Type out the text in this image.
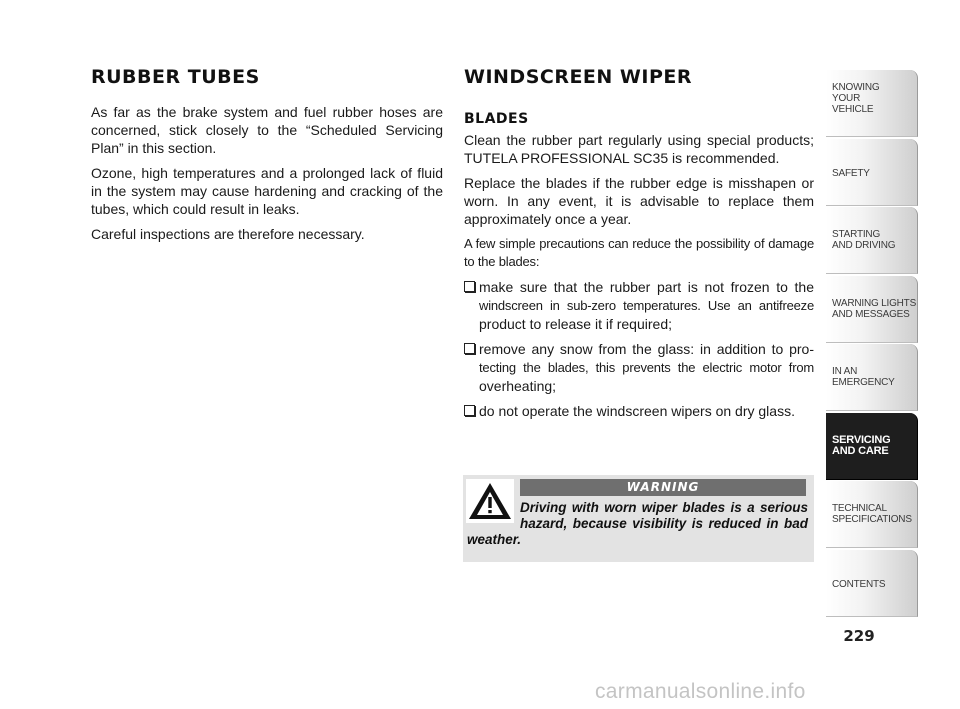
RUBBER TUBES

As far as the brake system and fuel rubber hoses are concerned, stick closely to the “Scheduled Servicing Plan” in this section.

Ozone, high temperatures and a prolonged lack of fluid in the system may cause hardening and cracking of the tubes, which could result in leaks.

Careful inspections are therefore necessary.

WINDSCREEN WIPER
BLADES

Clean the rubber part regularly using special products; TUTELA PROFESSIONAL SC35 is recommended.

Replace the blades if the rubber edge is misshapen or worn. In any event, it is advisable to replace them approximately once a year.

A few simple precautions can reduce the possibility of damage to the blades:

make sure that the rubber part is not frozen to the windscreen in sub-zero temperatures. Use an antifreeze product to release it if required;
remove any snow from the glass: in addition to pro- tecting the blades, this prevents the electric motor from overheating;
do not operate the windscreen wipers on dry glass.
WARNING
Driving with worn wiper blades is a serious hazard, because visibility is reduced in bad weather.
KNOWING
YOUR
VEHICLE
SAFETY
STARTING
AND DRIVING
WARNING LIGHTS
AND MESSAGES
IN AN
EMERGENCY
SERVICING
AND CARE
TECHNICAL
SPECIFICATIONS
CONTENTS
229
carmanualsonline.info
